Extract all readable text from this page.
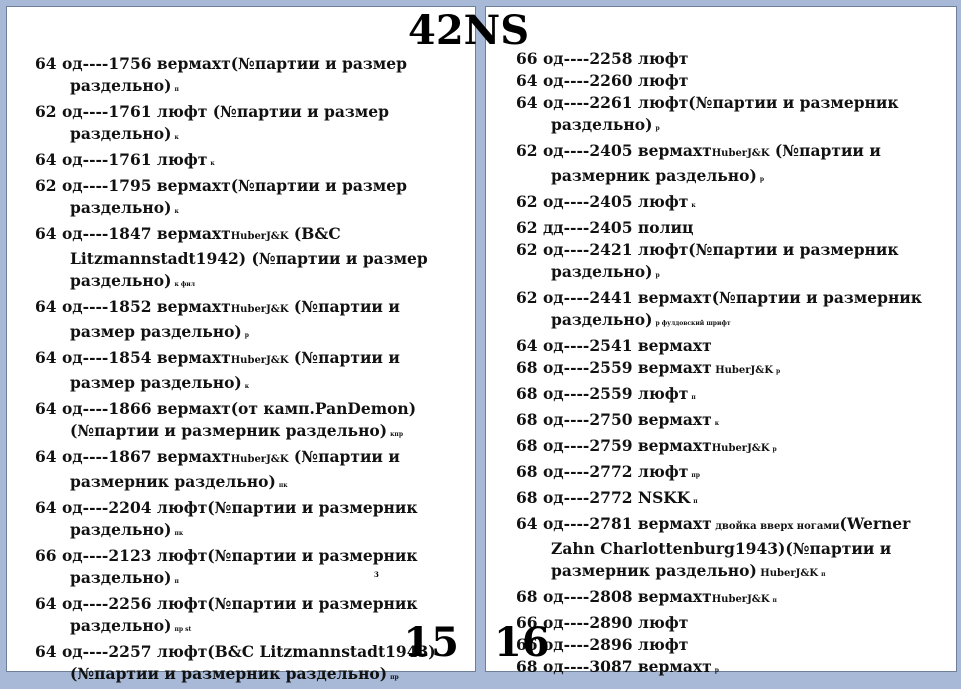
64 од----1756 вермахт(№партии и размер раздельно) п
62 од----1761 люфт (№партии и размер раздельно) к
64 од----1761 люфт к
62 од----1795 вермахт(№партии и размер раздельно) к
64 од----1847 вермахтHuberJ&K (B&C Litzmannstadt1942) (№партии и размер раздельно) к фил
64 од----1852 вермахтHuberJ&K (№партии и размер раздельно) р
64 од----1854 вермахтHuberJ&K (№партии и размер раздельно) к
64 од----1866 вермахт(от камп.PanDemon) (№партии и размерник раздельно) кпр
64 од----1867 вермахтHuberJ&K (№партии и размерник раздельно) пк
64 од----2204 люфт(№партии и размерник раздельно) пк
66 од----2123 люфт(№партии и размерник раздельно) п
64 од----2256 люфт(№партии и размерник раздельно) пр st
64 од----2257 люфт(B&C Litzmannstadt1943) (№партии и размерник раздельно) пр
3
15
66 од----2258 люфт
64 од----2260 люфт
64 од----2261 люфт(№партии и размерник раздельно) р
62 од----2405 вермахтHuberJ&K (№партии и размерник раздельно) р
62 од----2405 люфт к
62 дд----2405 полиц
62 од----2421 люфт(№партии и размерник раздельно) р
62 од----2441 вермахт(№партии и размерник раздельно) р фулдовский шрифт
64 од----2541 вермахт
68 од----2559 вермахт HuberJ&K р
68 од----2559 люфт п
68 од----2750 вермахт к
68 од----2759 вермахтHuberJ&K р
68 од----2772 люфт пр
68 од----2772 NSKK п
64 од----2781 вермахт двойка вверх ногами(Werner Zahn Charlottenburg1943)(№партии и размерник раздельно) HuberJ&K п
68 од----2808 вермахтHuberJ&K п
66 од----2890 люфт
66 од----2896 люфт
68 од----3087 вермахт р
16
42NS
